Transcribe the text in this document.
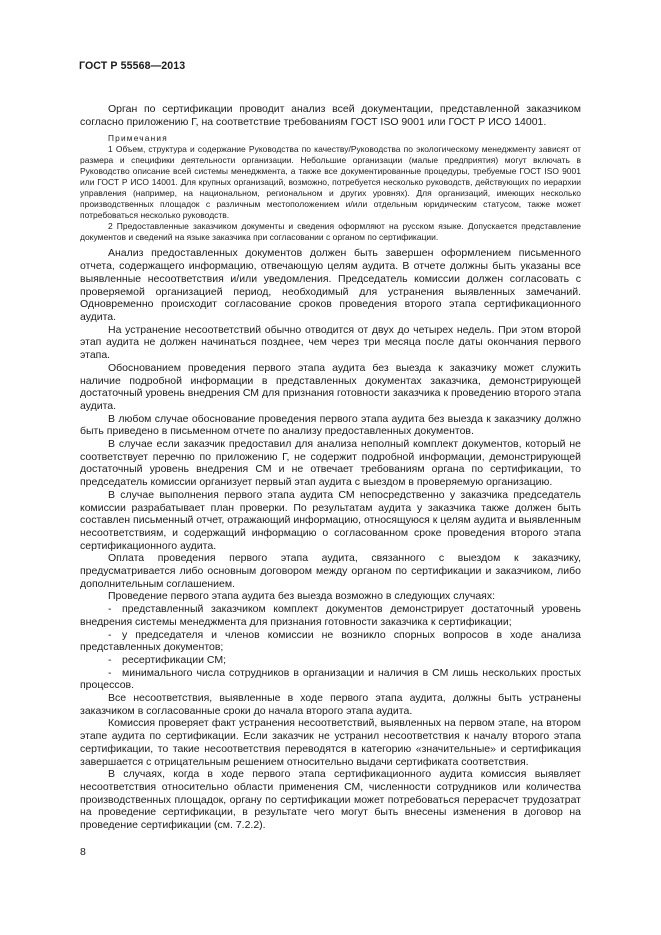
ГОСТ Р 55568—2013

Орган по сертификации проводит анализ всей документации, представленной заказчиком согласно приложению Г, на соответствие требованиям ГОСТ ISO 9001 или ГОСТ Р ИСО 14001.

Примечания

1 Объем, структура и содержание Руководства по качеству/Руководства по экологическому менеджменту зависят от размера и специфики деятельности организации. Небольшие организации (малые предприятия) могут включать в Руководство описание всей системы менеджмента, а также все документированные процедуры, требуемые ГОСТ ISO 9001 или ГОСТ Р ИСО 14001. Для крупных организаций, возможно, потребуется несколько руководств, действующих по иерархии управления (например, на национальном, региональном и других уровнях). Для организаций, имеющих несколько производственных площадок с различным местоположением и/или отдельным юридическим статусом, также может потребоваться несколько руководств.

2 Предоставленные заказчиком документы и сведения оформляют на русском языке. Допускается представление документов и сведений на языке заказчика при согласовании с органом по сертификации.

Анализ предоставленных документов должен быть завершен оформлением письменного отчета, содержащего информацию, отвечающую целям аудита. В отчете должны быть указаны все выявленные несоответствия и/или уведомления. Председатель комиссии должен согласовать с проверяемой организацией период, необходимый для устранения выявленных замечаний. Одновременно происходит согласование сроков проведения второго этапа сертификационного аудита.

На устранение несоответствий обычно отводится от двух до четырех недель. При этом второй этап аудита не должен начинаться позднее, чем через три месяца после даты окончания первого этапа.

Обоснованием проведения первого этапа аудита без выезда к заказчику может служить наличие подробной информации в представленных документах заказчика, демонстрирующей достаточный уровень внедрения СМ для признания готовности заказчика к проведению второго этапа аудита.

В любом случае обоснование проведения первого этапа аудита без выезда к заказчику должно быть приведено в письменном отчете по анализу предоставленных документов.

В случае если заказчик предоставил для анализа неполный комплект документов, который не соответствует перечню по приложению Г, не содержит подробной информации, демонстрирующей достаточный уровень внедрения СМ и не отвечает требованиям органа по сертификации, то председатель комиссии организует первый этап аудита с выездом в проверяемую организацию.

В случае выполнения первого этапа аудита СМ непосредственно у заказчика председатель комиссии разрабатывает план проверки. По результатам аудита у заказчика также должен быть составлен письменный отчет, отражающий информацию, относящуюся к целям аудита и выявленным несоответствиям, и содержащий информацию о согласованном сроке проведения второго этапа сертификационного аудита.

Оплата проведения первого этапа аудита, связанного с выездом к заказчику, предусматривается либо основным договором между органом по сертификации и заказчиком, либо дополнительным соглашением.

Проведение первого этапа аудита без выезда возможно в следующих случаях:

- представленный заказчиком комплект документов демонстрирует достаточный уровень внедрения системы менеджмента для признания готовности заказчика к сертификации;

- у председателя и членов комиссии не возникло спорных вопросов в ходе анализа представленных документов;

- ресертификации СМ;

- минимального числа сотрудников в организации и наличия в СМ лишь нескольких простых процессов.

Все несоответствия, выявленные в ходе первого этапа аудита, должны быть устранены заказчиком в согласованные сроки до начала второго этапа аудита.

Комиссия проверяет факт устранения несоответствий, выявленных на первом этапе, на втором этапе аудита по сертификации. Если заказчик не устранил несоответствия к началу второго этапа сертификации, то такие несоответствия переводятся в категорию «значительные» и сертификация завершается с отрицательным решением относительно выдачи сертификата соответствия.

В случаях, когда в ходе первого этапа сертификационного аудита комиссия выявляет несоответствия относительно области применения СМ, численности сотрудников или количества производственных площадок, органу по сертификации может потребоваться перерасчет трудозатрат на проведение сертификации, в результате чего могут быть внесены изменения в договор на проведение сертификации (см. 7.2.2).

8
